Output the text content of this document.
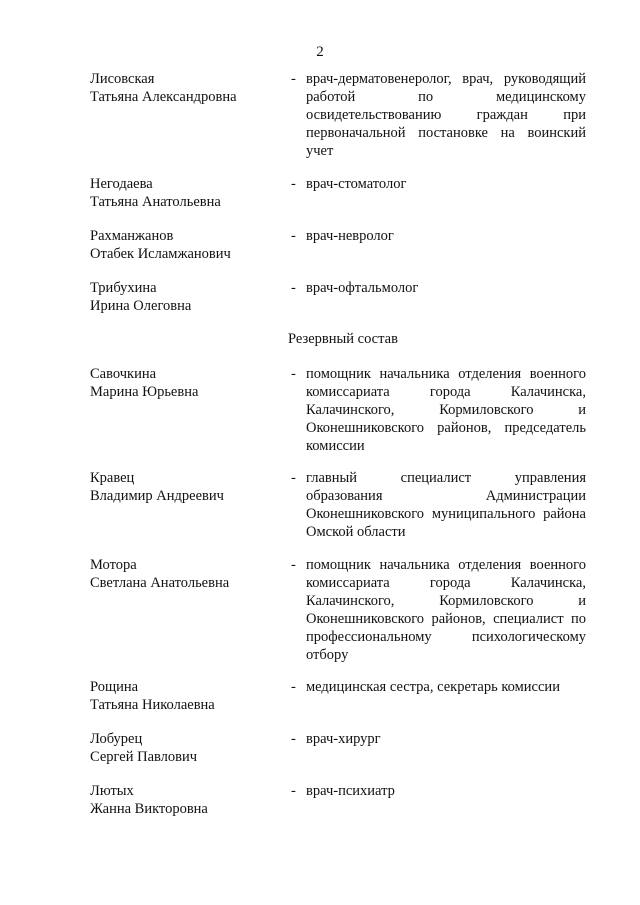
2
Лисовская
Татьяна Александровна
- врач-дерматовенеролог, врач, руководящий работой по медицинскому освидетельствованию граждан при первоначальной постановке на воинский учет
Негодаева
Татьяна Анатольевна
- врач-стоматолог
Рахманжанов
Отабек Исламжанович
- врач-невролог
Трибухина
Ирина Олеговна
- врач-офтальмолог
Резервный состав
Савочкина
Марина Юрьевна
- помощник начальника отделения военного комиссариата города Калачинска, Калачинского, Кормиловского и Оконешниковского районов, председатель комиссии
Кравец
Владимир Андреевич
- главный специалист управления образования Администрации Оконешниковского муниципального района Омской области
Мотора
Светлана Анатольевна
- помощник начальника отделения военного комиссариата города Калачинска, Калачинского, Кормиловского и Оконешниковского районов, специалист по профессиональному психологическому отбору
Рощина
Татьяна Николаевна
- медицинская сестра, секретарь комиссии
Лобурец
Сергей Павлович
- врач-хирург
Лютых
Жанна Викторовна
- врач-психиатр
